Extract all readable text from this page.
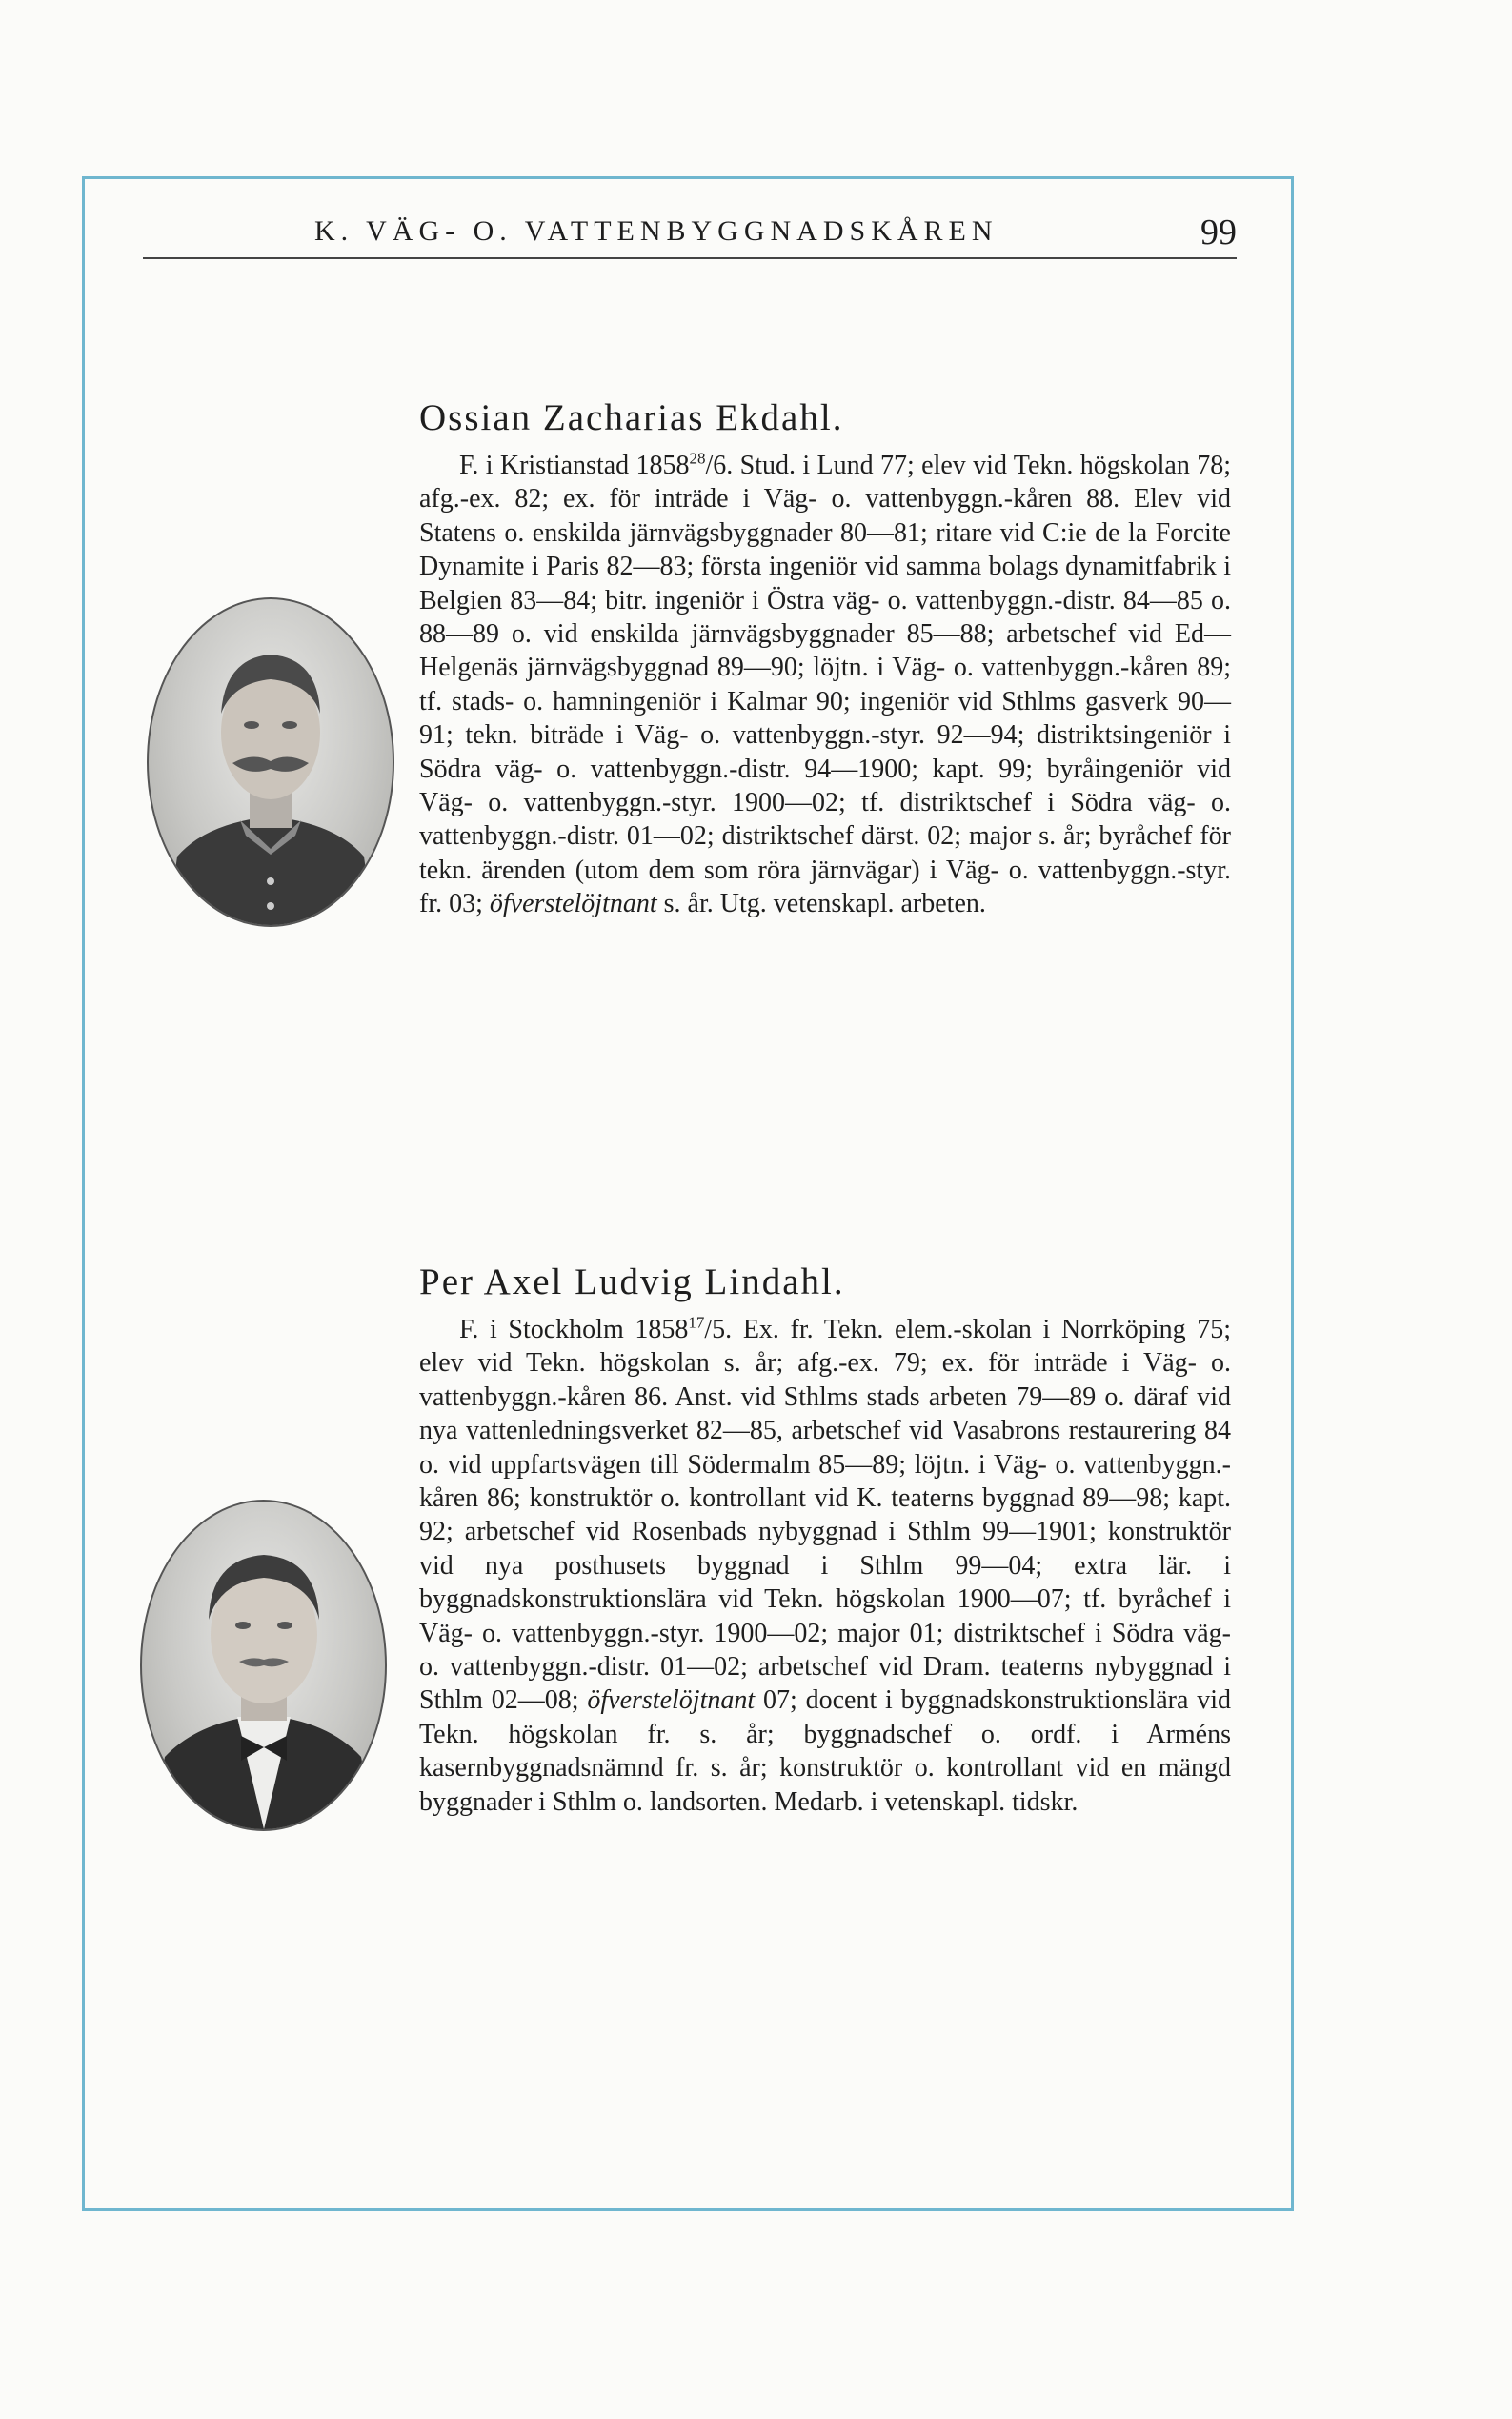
K. VÄG- O. VATTENBYGGNADSKÅREN	99
Ossian Zacharias Ekdahl.

F. i Kristianstad 1858$^{28}$/6. Stud. i Lund 77; elev vid Tekn. högskolan 78; afg.-ex. 82; ex. för inträde i Väg- o. vattenbyggn.-kåren 88. Elev vid Statens o. enskilda järnvägsbyggnader 80—81; ritare vid C:ie de la Forcite Dynamite i Paris 82—83; första ingeniör vid samma bolags dynamitfabrik i Belgien 83—84; bitr. ingeniör i Östra väg- o. vattenbyggn.-distr. 84—85 o. 88—89 o. vid enskilda järnvägsbyggnader 85—88; arbetschef vid Ed—Helgenäs järnvägsbyggnad 89—90; löjtn. i Väg- o. vattenbyggn.-kåren 89; tf. stads- o. hamningeniör i Kalmar 90; ingeniör vid Sthlms gasverk 90—91; tekn. biträde i Väg- o. vattenbyggn.-styr. 92—94; distriktsingeniör i Södra väg- o. vattenbyggn.-distr. 94—1900; kapt. 99; byråingeniör vid Väg- o. vattenbyggn.-styr. 1900—02; tf. distriktschef i Södra väg- o. vattenbyggn.-distr. 01—02; distriktschef därst. 02; major s. år; byråchef för tekn. ärenden (utom dem som röra järnvägar) i Väg- o. vattenbyggn.-styr. fr. 03; öfverstelöjtnant s. år. Utg. vetenskapl. arbeten.

Per Axel Ludvig Lindahl.

F. i Stockholm 1858$^{17}$/5. Ex. fr. Tekn. elem.-skolan i Norrköping 75; elev vid Tekn. högskolan s. år; afg.-ex. 79; ex. för inträde i Väg- o. vattenbyggn.-kåren 86. Anst. vid Sthlms stads arbeten 79—89 o. däraf vid nya vattenledningsverket 82—85, arbetschef vid Vasabrons restaurering 84 o. vid uppfartsvägen till Södermalm 85—89; löjtn. i Väg- o. vattenbyggn.-kåren 86; konstruktör o. kontrollant vid K. teaterns byggnad 89—98; kapt. 92; arbetschef vid Rosenbads nybyggnad i Sthlm 99—1901; konstruktör vid nya posthusets byggnad i Sthlm 99—04; extra lär. i byggnadskonstruktionslära vid Tekn. högskolan 1900—07; tf. byråchef i Väg- o. vattenbyggn.-styr. 1900—02; major 01; distriktschef i Södra väg- o. vattenbyggn.-distr. 01—02; arbetschef vid Dram. teaterns nybyggnad i Sthlm 02—08; öfverstelöjtnant 07; docent i byggnadskonstruktionslära vid Tekn. högskolan fr. s. år; byggnadschef o. ordf. i Arméns kasernbyggnadsnämnd fr. s. år; konstruktör o. kontrollant vid en mängd byggnader i Sthlm o. landsorten. Medarb. i vetenskapl. tidskr.
